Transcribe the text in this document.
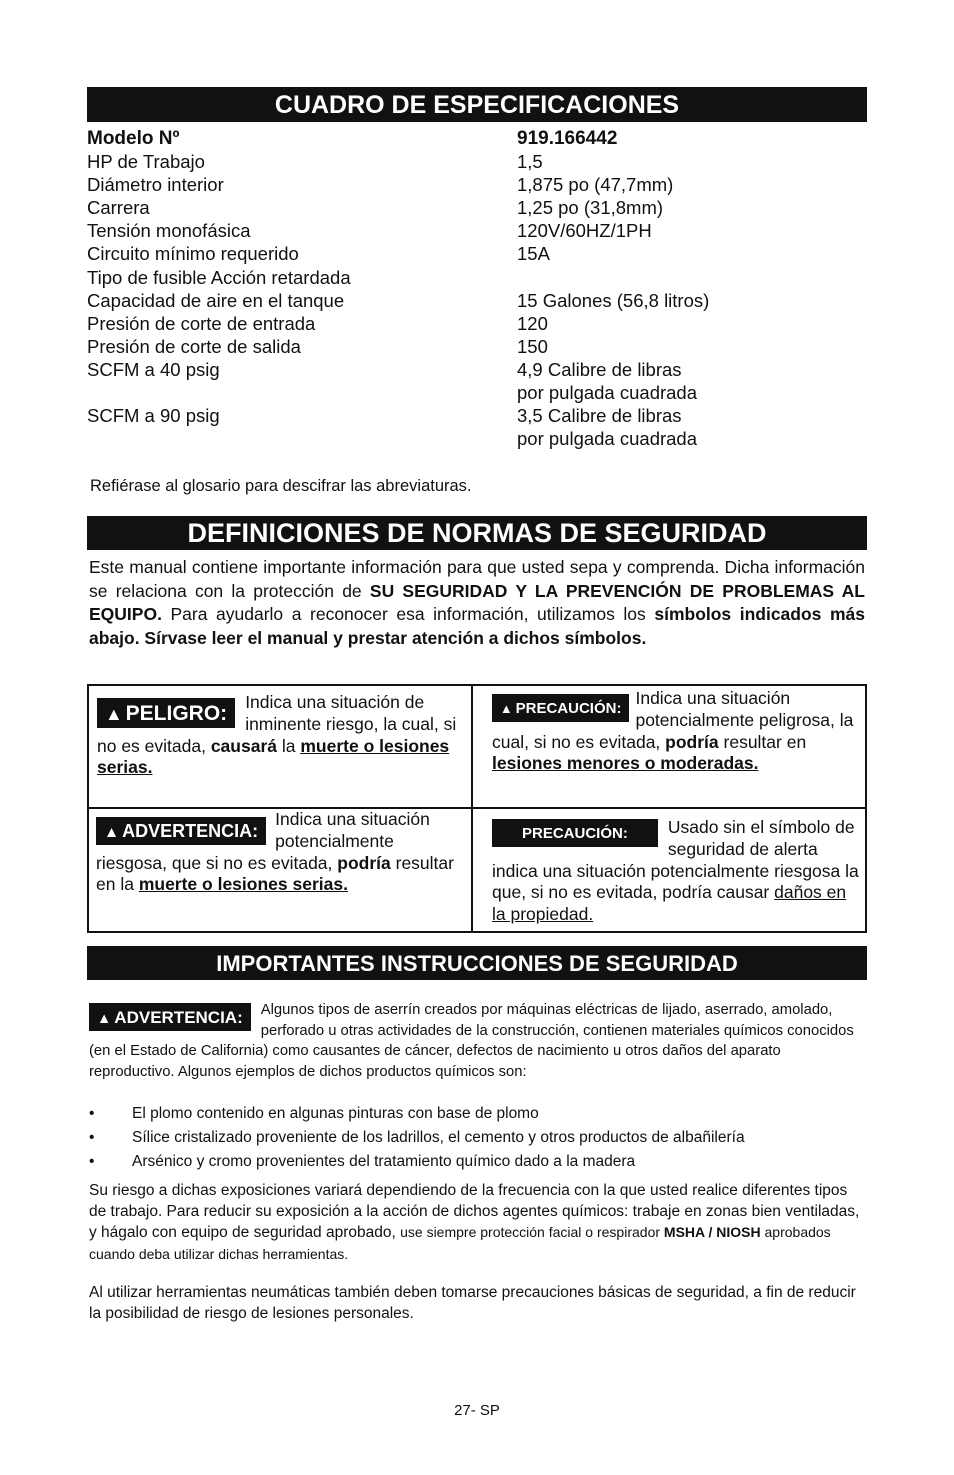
CUADRO DE ESPECIFICACIONES
Modelo Nº	919.166442
HP de Trabajo	1,5
Diámetro interior	1,875 po (47,7mm)
Carrera	1,25 po (31,8mm)
Tensión monofásica	120V/60HZ/1PH
Circuito mínimo requerido	15A
Tipo de fusible Acción retardada
Capacidad de aire en el tanque	15 Galones (56,8 litros)
Presión de corte de entrada	120
Presión de corte de salida	150
SCFM a 40 psig	4,9 Calibre de libras
por pulgada cuadrada
SCFM a 90 psig	3,5 Calibre de libras
por pulgada cuadrada
Refiérase al glosario para descifrar las abreviaturas.
DEFINICIONES DE NORMAS DE SEGURIDAD
Este manual contiene importante información para que usted sepa y comprenda. Dicha información se relaciona con la protección de SU SEGURIDAD Y LA PREVENCIÓN DE PROBLEMAS AL EQUIPO. Para ayudarlo a reconocer esa información, utilizamos los símbolos indicados más abajo. Sírvase leer el manual y prestar atención a dichos símbolos.
▲ PELIGRO:	Indica una situación de inminente riesgo, la cual, si no es evitada, causará la muerte o lesiones serias.
▲ PRECAUCIÓN:
Indica una situación potencialmente peligrosa, la cual, si no es evitada, podría resultar en lesiones menores o moderadas.
▲ ADVERTENCIA:
Indica una situación potencialmente riesgosa, que si no es evitada, podría resultar en la muerte o lesiones serias.
PRECAUCIÓN:	Usado sin el símbolo de seguridad de alerta indica una situación potencialmente riesgosa la que, si no es evitada, podría causar daños en la propiedad.
IMPORTANTES INSTRUCCIONES DE SEGURIDAD
▲ ADVERTENCIA:	Algunos tipos de aserrín creados por máquinas eléctricas de lijado, aserrado, amolado, perforado u otras actividades de la construcción, contienen materiales químicos conocidos (en el Estado de California) como causantes de cáncer, defectos de nacimiento u otros daños del aparato reproductivo. Algunos ejemplos de dichos productos químicos son:
•	El plomo contenido en algunas pinturas con base de plomo
•	Sílice cristalizado proveniente de los ladrillos, el cemento y otros productos de albañilería
•	Arsénico y cromo provenientes del tratamiento químico dado a la madera
Su riesgo a dichas exposiciones variará dependiendo de la frecuencia con la que usted realice diferentes tipos de trabajo. Para reducir su exposición a la acción de dichos agentes químicos: trabaje en zonas bien ventiladas, y hágalo con equipo de seguridad aprobado, use siempre protección facial o respirador MSHA / NIOSH aprobados cuando deba utilizar dichas herramientas.
Al utilizar herramientas neumáticas también deben tomarse precauciones básicas de seguridad, a fin de reducir la posibilidad de riesgo de lesiones personales.
27- SP
